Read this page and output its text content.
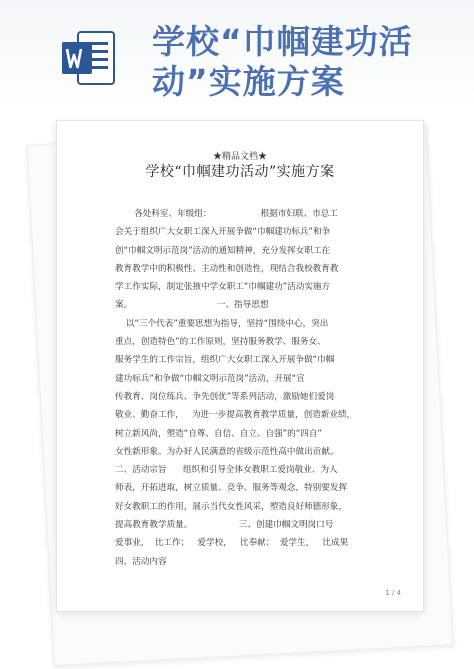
学校“巾帼建功活
动”实施方案
★精品文档★
学校“巾帼建功活动”实施方案
各处科室、年级组：                  根据市妇联、市总工
会关于组织广大女职工深入开展争做“巾帼建功标兵”和争
创“巾帼文明示范岗”活动的通知精神，充分发挥女职工在
教育教学中的积极性、主动性和创造性，现结合我校教育教
学工作实际，制定张掖中学女职工“巾帼建功”活动实施方
案。                               一、指导思想
以“三个代表”重要思想为指导，坚持“围绕中心，突出
重点，创造特色”的工作原则，坚持服务教学、服务女、
服务学生的工作宗旨，组织广大女职工深入开展争做“巾帼
建功标兵”和争做“巾帼文明示范岗”活动，开展“宣
传教育、岗位练兵、争先创优”等系列活动，激励她们爱岗
敬业、勤奋工作，   为进一步提高教育教学质量，创造新业绩，
树立新风尚，塑造“自尊、自信、自立、自强”的“四自”
女性新形象。为办好人民满意的省级示范性高中做出贡献。
二、活动宗旨      组织和引导全体女教职工爱岗敬业、为人
师表，开拓进取，树立质量、竞争、服务等观念，特别要发挥
好女教职工的作用，展示当代女性风采，塑造良好师德形象，
提高教育教学质量。                 三、创建巾帼文明岗口号
爱事业，  比工作；   爱学校，   比奉献；  爱学生，   比成果
四、活动内容
1 / 4
